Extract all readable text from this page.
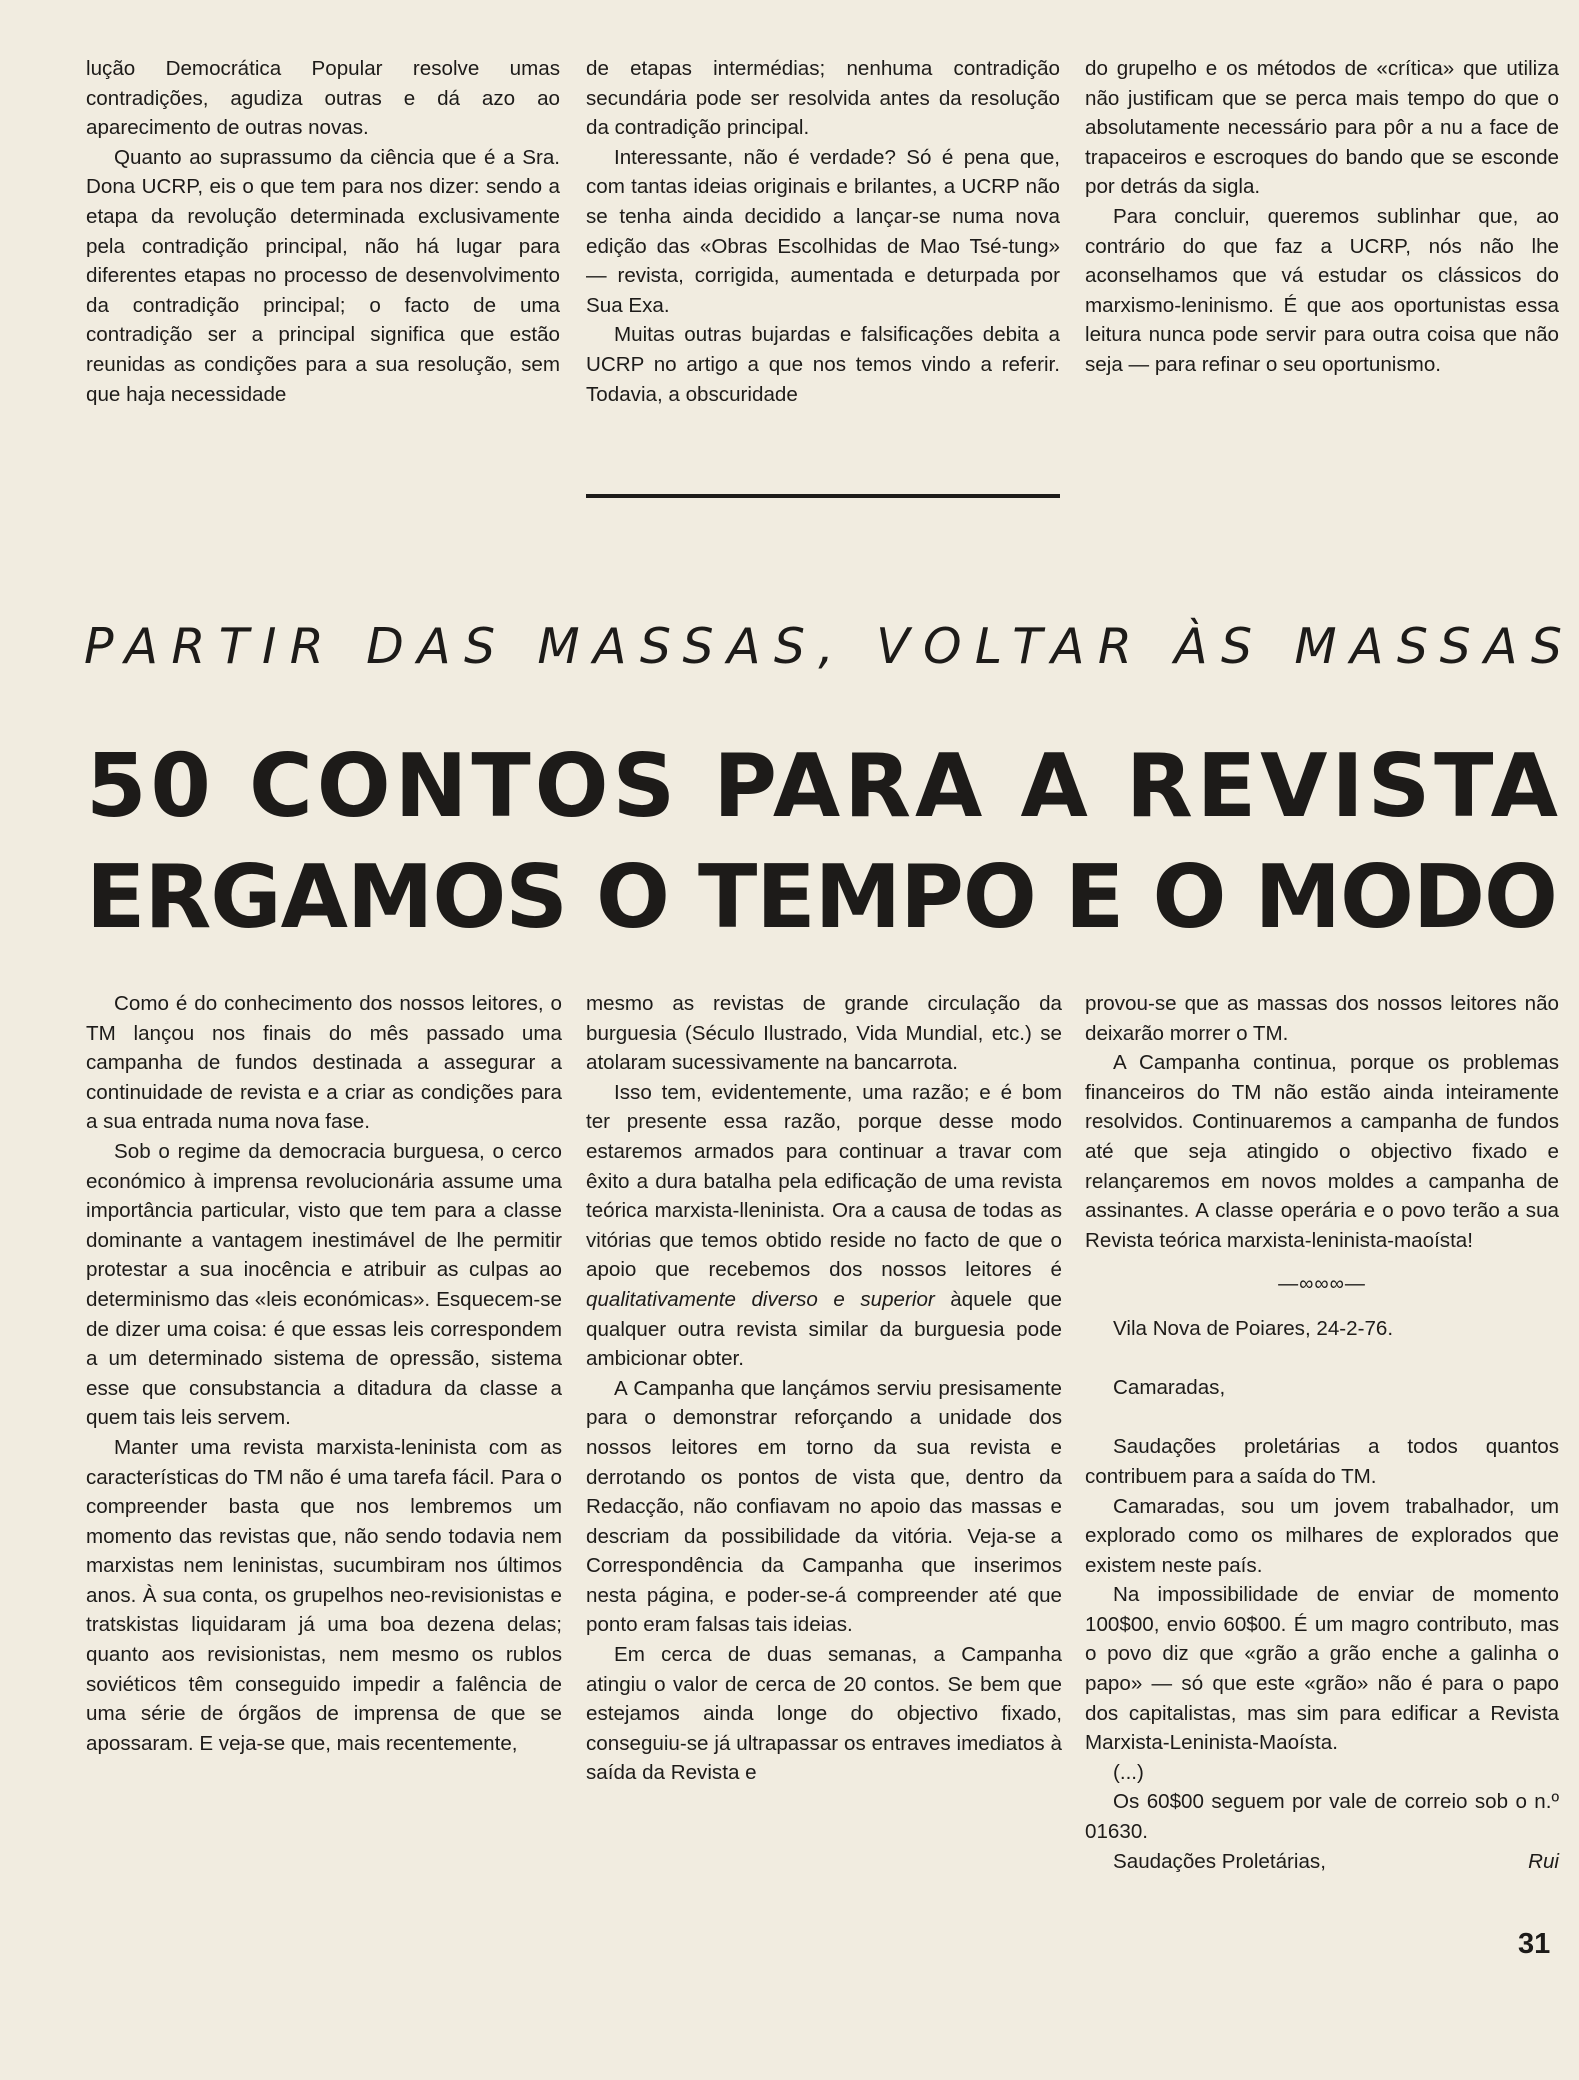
lução Democrática Popular resolve umas contradições, agudiza outras e dá azo ao aparecimento de outras novas.

Quanto ao suprassumo da ciência que é a Sra. Dona UCRP, eis o que tem para nos dizer: sendo a etapa da revolução determinada exclusivamente pela contradição principal, não há lugar para diferentes etapas no processo de desenvolvimento da contradição principal; o facto de uma contradição ser a principal significa que estão reunidas as condições para a sua resolução, sem que haja necessidade

de etapas intermédias; nenhuma contradição secundária pode ser resolvida antes da resolução da contradição principal.

Interessante, não é verdade? Só é pena que, com tantas ideias originais e brilantes, a UCRP não se tenha ainda decidido a lançar-se numa nova edição das «Obras Escolhidas de Mao Tsé-tung» — revista, corrigida, aumentada e deturpada por Sua Exa.

Muitas outras bujardas e falsificações debita a UCRP no artigo a que nos temos vindo a referir. Todavia, a obscuridade

do grupelho e os métodos de «crítica» que utiliza não justificam que se perca mais tempo do que o absolutamente necessário para pôr a nu a face de trapaceiros e escroques do bando que se esconde por detrás da sigla.

Para concluir, queremos sublinhar que, ao contrário do que faz a UCRP, nós não lhe aconselhamos que vá estudar os clássicos do marxismo-leninismo. É que aos oportunistas essa leitura nunca pode servir para outra coisa que não seja — para refinar o seu oportunismo.

PARTIR DAS MASSAS, VOLTAR ÀS MASSAS
50 CONTOS PARA A REVISTA
ERGAMOS O TEMPO E O MODO

Como é do conhecimento dos nossos leitores, o TM lançou nos finais do mês passado uma campanha de fundos destinada a assegurar a continuidade de revista e a criar as condições para a sua entrada numa nova fase.

Sob o regime da democracia burguesa, o cerco económico à imprensa revolucionária assume uma importância particular, visto que tem para a classe dominante a vantagem inestimável de lhe permitir protestar a sua inocência e atribuir as culpas ao determinismo das «leis económicas». Esquecem-se de dizer uma coisa: é que essas leis correspondem a um determinado sistema de opressão, sistema esse que consubstancia a ditadura da classe a quem tais leis servem.

Manter uma revista marxista-leninista com as características do TM não é uma tarefa fácil. Para o compreender basta que nos lembremos um momento das revistas que, não sendo todavia nem marxistas nem leninistas, sucumbiram nos últimos anos. À sua conta, os grupelhos neo-revisionistas e tratskistas liquidaram já uma boa dezena delas; quanto aos revisionistas, nem mesmo os rublos soviéticos têm conseguido impedir a falência de uma série de órgãos de imprensa de que se apossaram. E veja-se que, mais recentemente,

mesmo as revistas de grande circulação da burguesia (Século Ilustrado, Vida Mundial, etc.) se atolaram sucessivamente na bancarrota.

Isso tem, evidentemente, uma razão; e é bom ter presente essa razão, porque desse modo estaremos armados para continuar a travar com êxito a dura batalha pela edificação de uma revista teórica marxista-lleninista. Ora a causa de todas as vitórias que temos obtido reside no facto de que o apoio que recebemos dos nossos leitores é qualitativamente diverso e superior àquele que qualquer outra revista similar da burguesia pode ambicionar obter.

A Campanha que lançámos serviu presisamente para o demonstrar reforçando a unidade dos nossos leitores em torno da sua revista e derrotando os pontos de vista que, dentro da Redacção, não confiavam no apoio das massas e descriam da possibilidade da vitória. Veja-se a Correspondência da Campanha que inserimos nesta página, e poder-se-á compreender até que ponto eram falsas tais ideias.

Em cerca de duas semanas, a Campanha atingiu o valor de cerca de 20 contos. Se bem que estejamos ainda longe do objectivo fixado, conseguiu-se já ultrapassar os entraves imediatos à saída da Revista e

provou-se que as massas dos nossos leitores não deixarão morrer o TM.

A Campanha continua, porque os problemas financeiros do TM não estão ainda inteiramente resolvidos. Continuaremos a campanha de fundos até que seja atingido o objectivo fixado e relançaremos em novos moldes a campanha de assinantes. A classe operária e o povo terão a sua Revista teórica marxista-leninista-maoísta!

—∞∞∞—

Vila Nova de Poiares, 24-2-76.

Camaradas,

Saudações proletárias a todos quantos contribuem para a saída do TM.

Camaradas, sou um jovem trabalhador, um explorado como os milhares de explorados que existem neste país.

Na impossibilidade de enviar de momento 100$00, envio 60$00. É um magro contributo, mas o povo diz que «grão a grão enche a galinha o papo» — só que este «grão» não é para o papo dos capitalistas, mas sim para edificar a Revista Marxista-Leninista-Maoísta.

(...)

Os 60$00 seguem por vale de correio sob o n.º 01630.

Saudações Proletárias,	Rui
31
